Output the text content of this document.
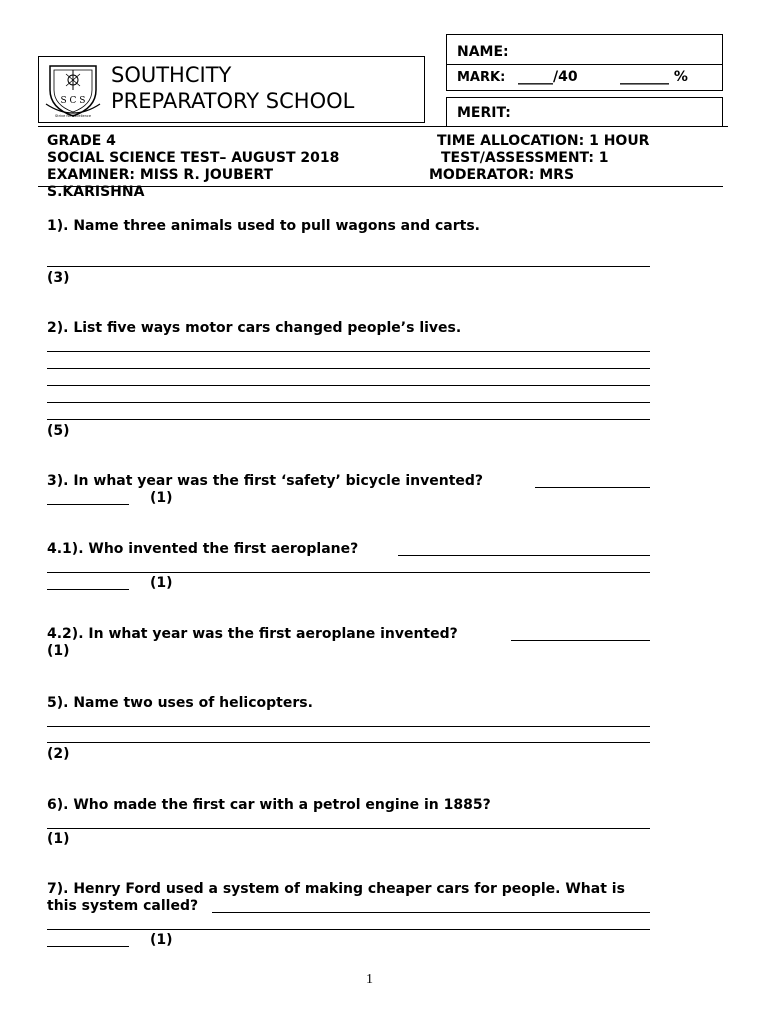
S C S
Strive for Excellence
SOUTHCITY
PREPARATORY SCHOOL
NAME:
MARK: _____/40	_______ %
MERIT:
GRADE 4
SOCIAL SCIENCE TEST– AUGUST 2018
EXAMINER: MISS R. JOUBERT
S.KARISHNA
TIME ALLOCATION: 1 HOUR
TEST/ASSESSMENT: 1
MODERATOR: MRS
1). Name three animals used to pull wagons and carts.
(3)
2). List five ways motor cars changed people’s lives.
(5)
3). In what year was the first ‘safety’ bicycle invented?
(1)
4.1). Who invented the first aeroplane?
(1)
4.2). In what year was the first aeroplane invented?
(1)
5). Name two uses of helicopters.
(2)
6). Who made the first car with a petrol engine in 1885?
(1)
7). Henry Ford used a system of making cheaper cars for people. What is
this system called?
(1)
1
